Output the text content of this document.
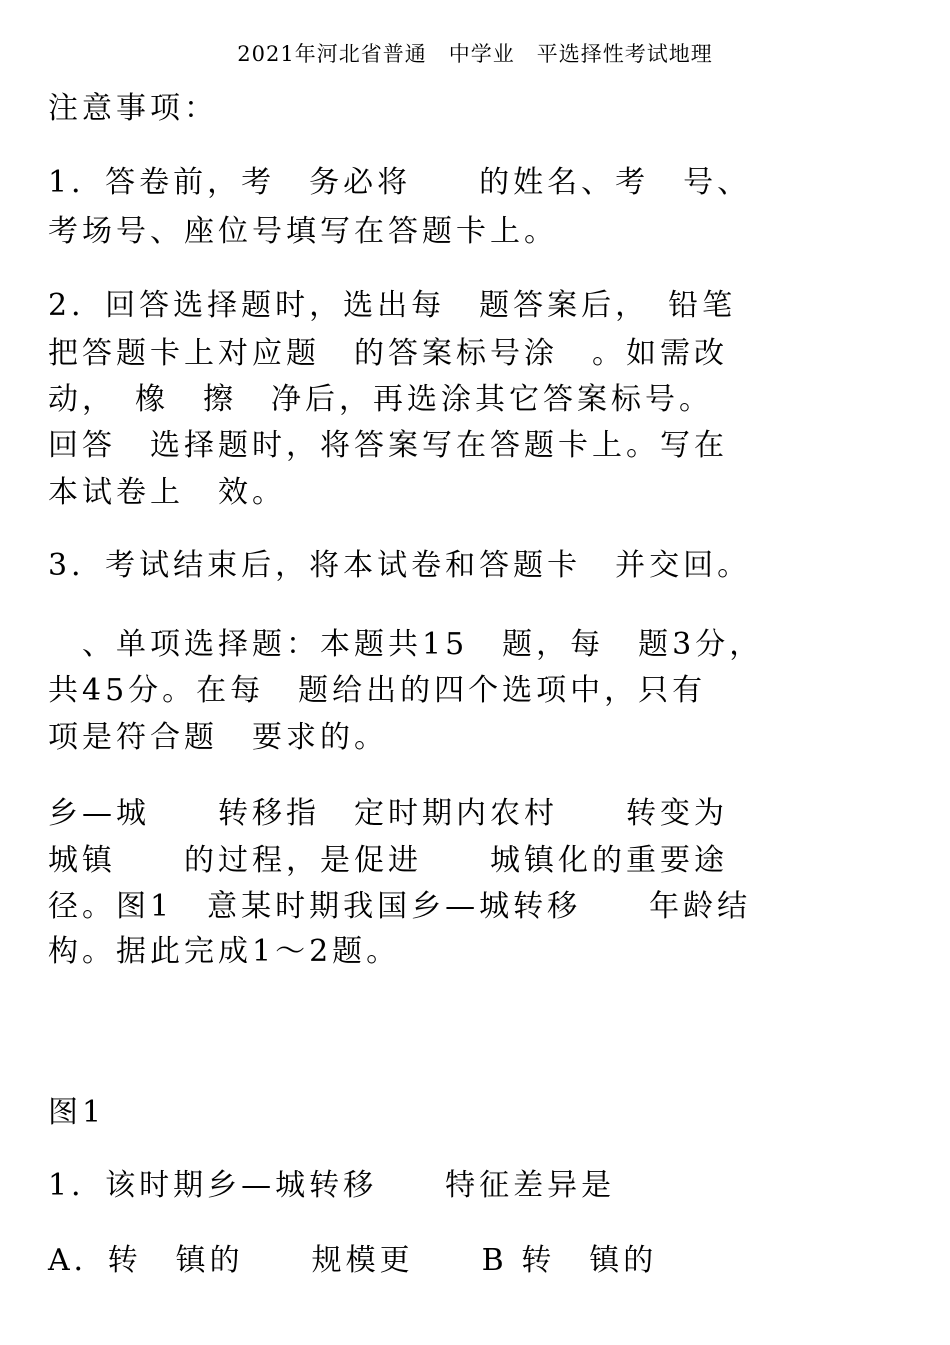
2021年河北省普通　中学业　平选择性考试地理
注意事项：
1．答卷前，考　务必将　　的姓名、考　号、
考场号、座位号填写在答题卡上。
2．回答选择题时，选出每　题答案后，　铅笔
把答题卡上对应题　的答案标号涂　。如需改
动，　橡　擦　净后，再选涂其它答案标号。
回答　选择题时，将答案写在答题卡上。写在
本试卷上　效。
3．考试结束后，将本试卷和答题卡　并交回。
　、单项选择题：本题共15　题，每　题3分，
共45分。在每　题给出的四个选项中，只有
项是符合题　要求的。
乡—城　　转移指　定时期内农村　　转变为
城镇　　的过程，是促进　　城镇化的重要途
径。图1　意某时期我国乡—城转移　　年龄结
构。据此完成1～2题。
图1
1．该时期乡—城转移　　特征差异是
A．转　镇的　　规模更　　B 转　镇的
